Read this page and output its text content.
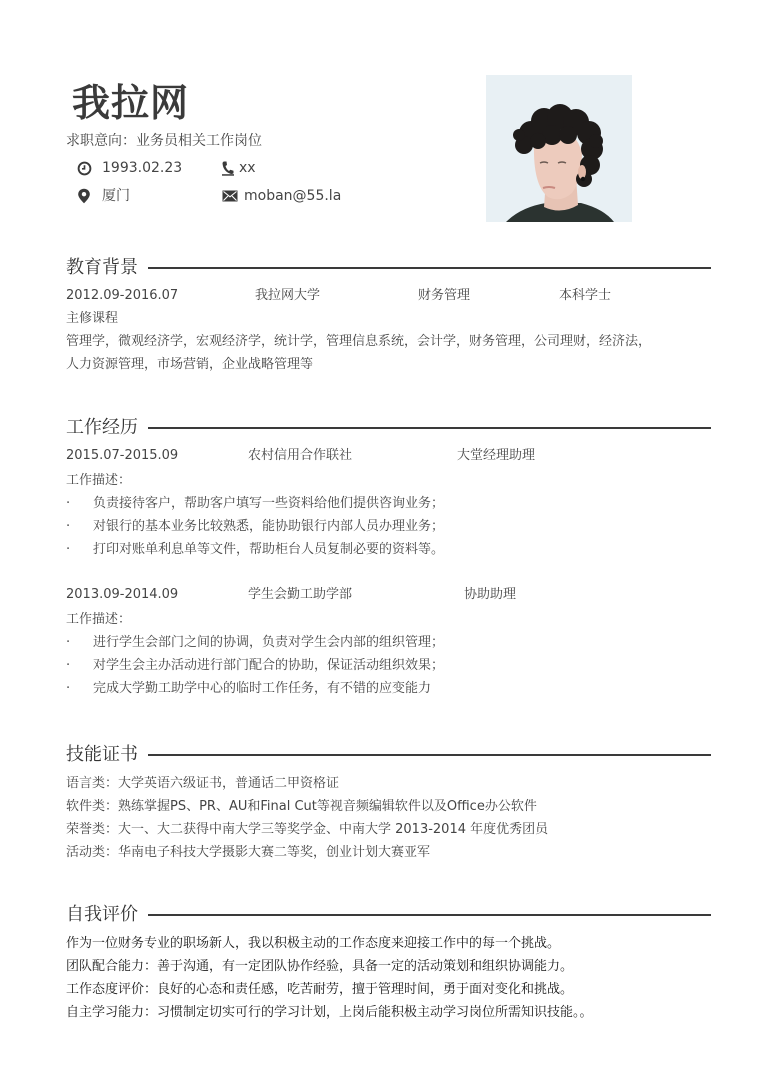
我拉网
求职意向：业务员相关工作岗位
1993.02.23	xx
厦门	moban@55.la
教育背景
2012.09-2016.07	我拉网大学	财务管理	本科学士
主修课程
管理学，微观经济学，宏观经济学，统计学，管理信息系统，会计学，财务管理，公司理财，经济法，
人力资源管理，市场营销，企业战略管理等
工作经历
2015.07-2015.09	农村信用合作联社	大堂经理助理
工作描述：
· 负责接待客户，帮助客户填写一些资料给他们提供咨询业务；
· 对银行的基本业务比较熟悉，能协助银行内部人员办理业务；
· 打印对账单利息单等文件，帮助柜台人员复制必要的资料等。
2013.09-2014.09	学生会勤工助学部	协助助理
工作描述：
· 进行学生会部门之间的协调，负责对学生会内部的组织管理；
· 对学生会主办活动进行部门配合的协助，保证活动组织效果；
· 完成大学勤工助学中心的临时工作任务，有不错的应变能力
技能证书
语言类：大学英语六级证书，普通话二甲资格证
软件类：熟练掌握PS、PR、AU和Final Cut等视音频编辑软件以及Office办公软件
荣誉类：大一、大二获得中南大学三等奖学金、中南大学 2013-2014 年度优秀团员
活动类：华南电子科技大学摄影大赛二等奖，创业计划大赛亚军
自我评价
作为一位财务专业的职场新人，我以积极主动的工作态度来迎接工作中的每一个挑战。
团队配合能力：善于沟通，有一定团队协作经验，具备一定的活动策划和组织协调能力。
工作态度评价：良好的心态和责任感，吃苦耐劳，擅于管理时间，勇于面对变化和挑战。
自主学习能力：习惯制定切实可行的学习计划，上岗后能积极主动学习岗位所需知识技能。。
